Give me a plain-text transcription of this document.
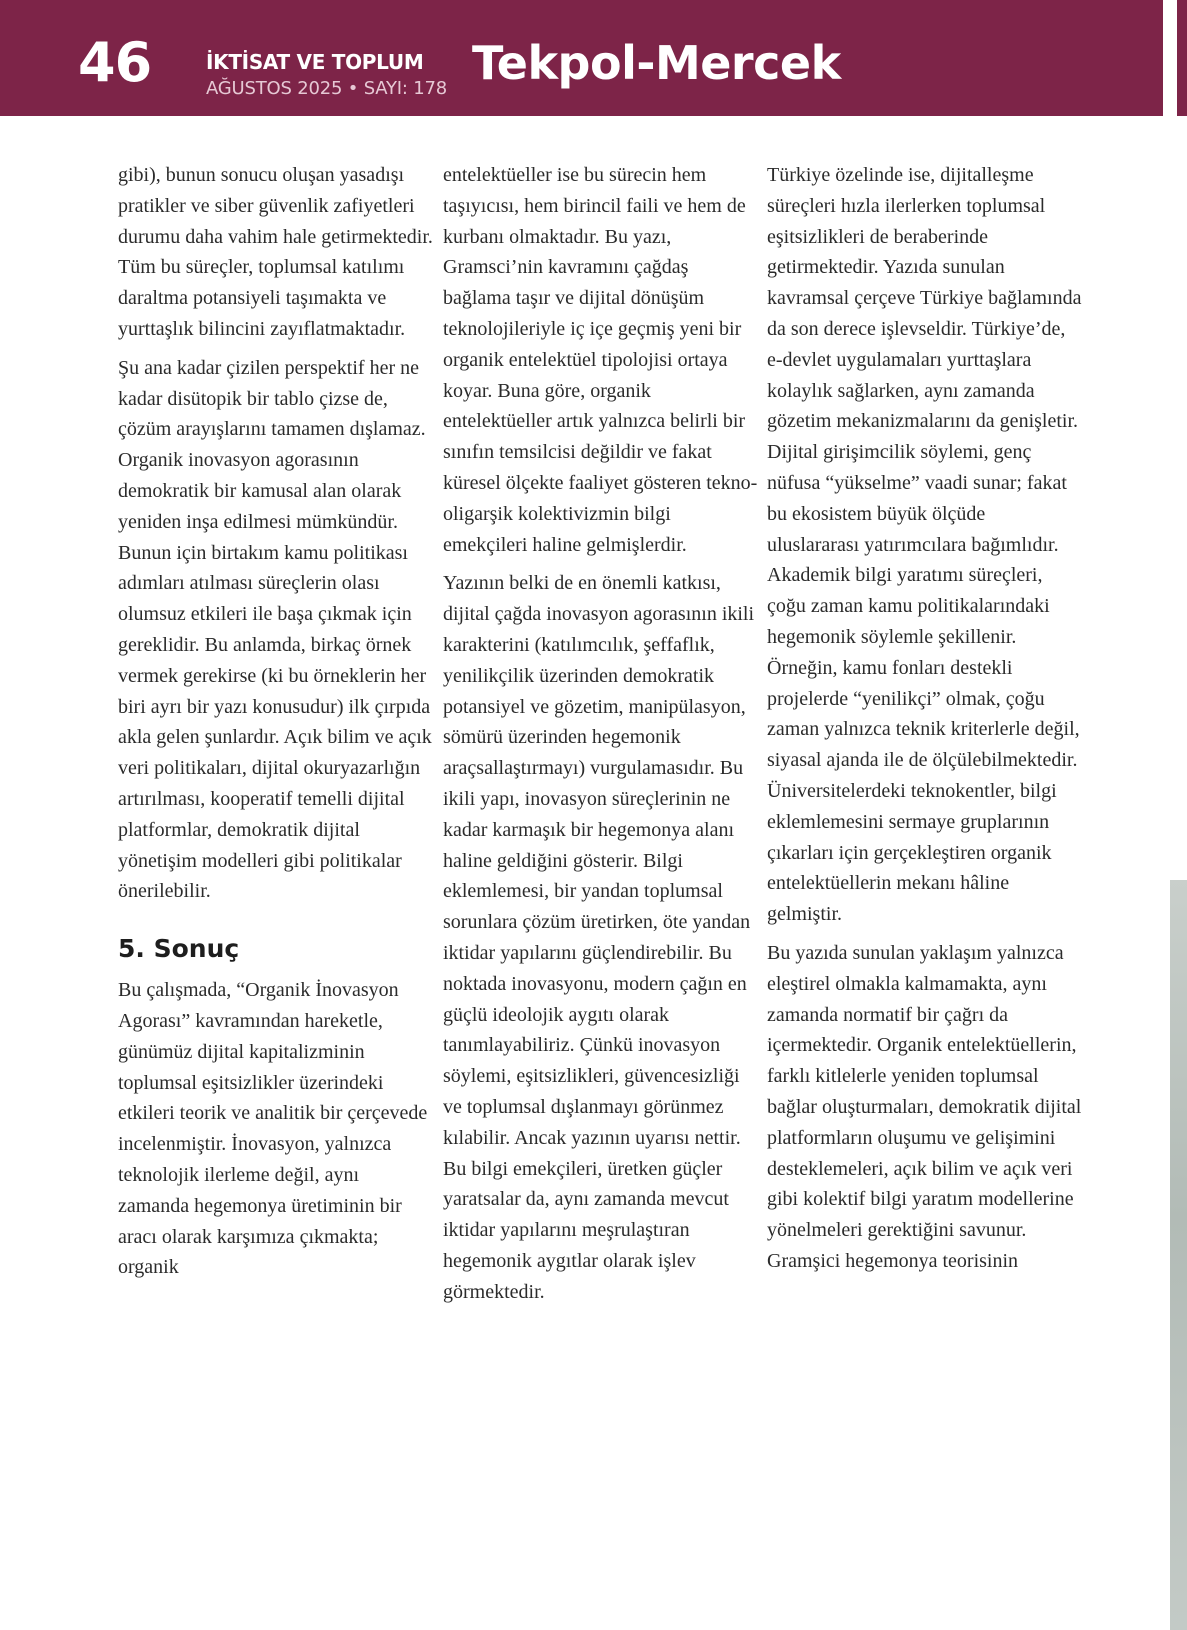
46	İKTİSAT VE TOPLUM
AĞUSTOS 2025 • SAYI: 178 Tekpol-Mercek

gibi), bunun sonucu oluşan yasadışı pratikler ve siber güvenlik zafiyetleri durumu daha vahim hale getirmektedir. Tüm bu süreçler, toplumsal katılımı daraltma potansiyeli taşımakta ve yurttaşlık bilincini zayıflatmaktadır.

Şu ana kadar çizilen perspektif her ne kadar disütopik bir tablo çizse de, çözüm arayışlarını tamamen dışlamaz. Organik inovasyon agorasının demokratik bir kamusal alan olarak yeniden inşa edilmesi mümkündür. Bunun için birtakım kamu politikası adımları atılması süreçlerin olası olumsuz etkileri ile başa çıkmak için gereklidir. Bu anlamda, birkaç örnek vermek gerekirse (ki bu örneklerin her biri ayrı bir yazı konusudur) ilk çırpıda akla gelen şunlardır. Açık bilim ve açık veri politikaları, dijital okuryazarlığın artırılması, kooperatif temelli dijital platformlar, demokratik dijital yönetişim modelleri gibi politikalar önerilebilir.

5. Sonuç

Bu çalışmada, “Organik İnovasyon Agorası” kavramından hareketle, günümüz dijital kapitalizminin toplumsal eşitsizlikler üzerindeki etkileri teorik ve analitik bir çerçevede incelenmiştir. İnovasyon, yalnızca teknolojik ilerleme değil, aynı zamanda hegemonya üretiminin bir aracı olarak karşımıza çıkmakta; organik

entelektüeller ise bu sürecin hem taşıyıcısı, hem birincil faili ve hem de kurbanı olmaktadır. Bu yazı, Gramsci’nin kavramını çağdaş bağlama taşır ve dijital dönüşüm teknolojileriyle iç içe geçmiş yeni bir organik entelektüel tipolojisi ortaya koyar. Buna göre, organik entelektüeller artık yalnızca belirli bir sınıfın temsilcisi değildir ve fakat küresel ölçekte faaliyet gösteren tekno-oligarşik kolektivizmin bilgi emekçileri haline gelmişlerdir.

Yazının belki de en önemli katkısı, dijital çağda inovasyon agorasının ikili karakterini (katılımcılık, şeffaflık, yenilikçilik üzerinden demokratik potansiyel ve gözetim, manipülasyon, sömürü üzerinden hegemonik araçsallaştırmayı) vurgulamasıdır. Bu ikili yapı, inovasyon süreçlerinin ne kadar karmaşık bir hegemonya alanı haline geldiğini gösterir. Bilgi eklemlemesi, bir yandan toplumsal sorunlara çözüm üretirken, öte yandan iktidar yapılarını güçlendirebilir. Bu noktada inovasyonu, modern çağın en güçlü ideolojik aygıtı olarak tanımlayabiliriz. Çünkü inovasyon söylemi, eşitsizlikleri, güvencesizliği ve toplumsal dışlanmayı görünmez kılabilir. Ancak yazının uyarısı nettir. Bu bilgi emekçileri, üretken güçler yaratsalar da, aynı zamanda mevcut iktidar yapılarını meşrulaştıran hegemonik aygıtlar olarak işlev görmektedir.

Türkiye özelinde ise, dijitalleşme süreçleri hızla ilerlerken toplumsal eşitsizlikleri de beraberinde getirmektedir. Yazıda sunulan kavramsal çerçeve Türkiye bağlamında da son derece işlevseldir. Türkiye’de, e-devlet uygulamaları yurttaşlara kolaylık sağlarken, aynı zamanda gözetim mekanizmalarını da genişletir. Dijital girişimcilik söylemi, genç nüfusa “yükselme” vaadi sunar; fakat bu ekosistem büyük ölçüde uluslararası yatırımcılara bağımlıdır. Akademik bilgi yaratımı süreçleri, çoğu zaman kamu politikalarındaki hegemonik söylemle şekillenir. Örneğin, kamu fonları destekli projelerde “yenilikçi” olmak, çoğu zaman yalnızca teknik kriterlerle değil, siyasal ajanda ile de ölçülebilmektedir. Üniversitelerdeki teknokentler, bilgi eklemlemesini sermaye gruplarının çıkarları için gerçekleştiren organik entelektüellerin mekanı hâline gelmiştir.

Bu yazıda sunulan yaklaşım yalnızca eleştirel olmakla kalmamakta, aynı zamanda normatif bir çağrı da içermektedir. Organik entelektüellerin, farklı kitlelerle yeniden toplumsal bağlar oluşturmaları, demokratik dijital platformların oluşumu ve gelişimini desteklemeleri, açık bilim ve açık veri gibi kolektif bilgi yaratım modellerine yönelmeleri gerektiğini savunur. Gramşici hegemonya teorisinin
